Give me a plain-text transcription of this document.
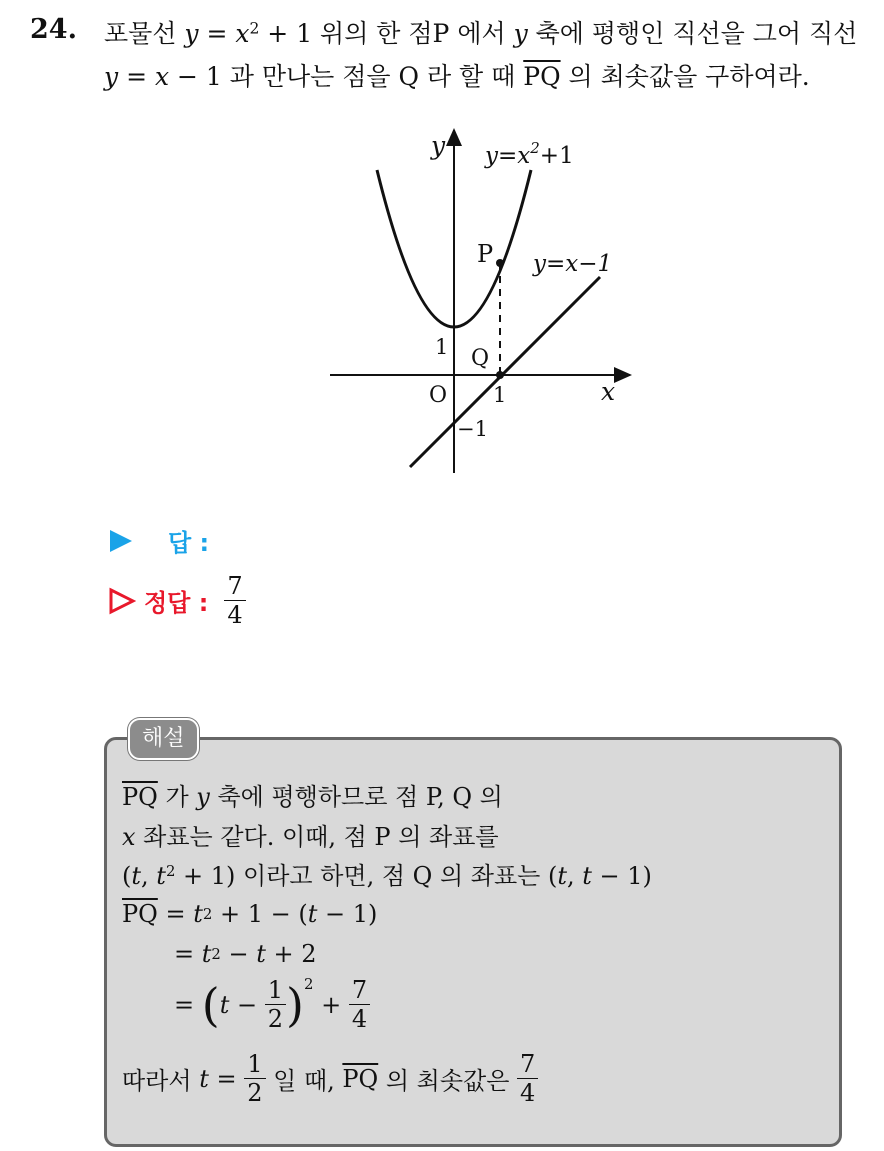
24. 포물선 $y = x^2 + 1$ 위의 한 점P 에서 y 축에 평행인 직선을 그어 직선
y = x − 1 과 만나는 점을 Q 라 할 때 $\overline{PQ}$ 의 최솟값을 구하여라.
y
x
O
$y=x^2+1$
y=x−1
P
Q
1
1
−1
답 :
정답 : $\frac{7}{4}$
해설
$\overline{PQ}$ 가 y 축에 평행하므로 점 P, Q 의
x 좌표는 같다. 이때, 점 P 의 좌표를
(t, $t^2 + 1$) 이라고 하면, 점 Q 의 좌표는 (t, t − 1)
$\overline{PQ} = t$ 2 + 1 − ( t − 1)
= t 2 − t + 2
= ( $t - \frac{1}{2}$ ) 2
+ $\frac{7}{4}$
따라서 $t = \frac{1}{2}$ 일 때, $\overline{PQ}$ 의 최솟값은 $\frac{7}{4}$
